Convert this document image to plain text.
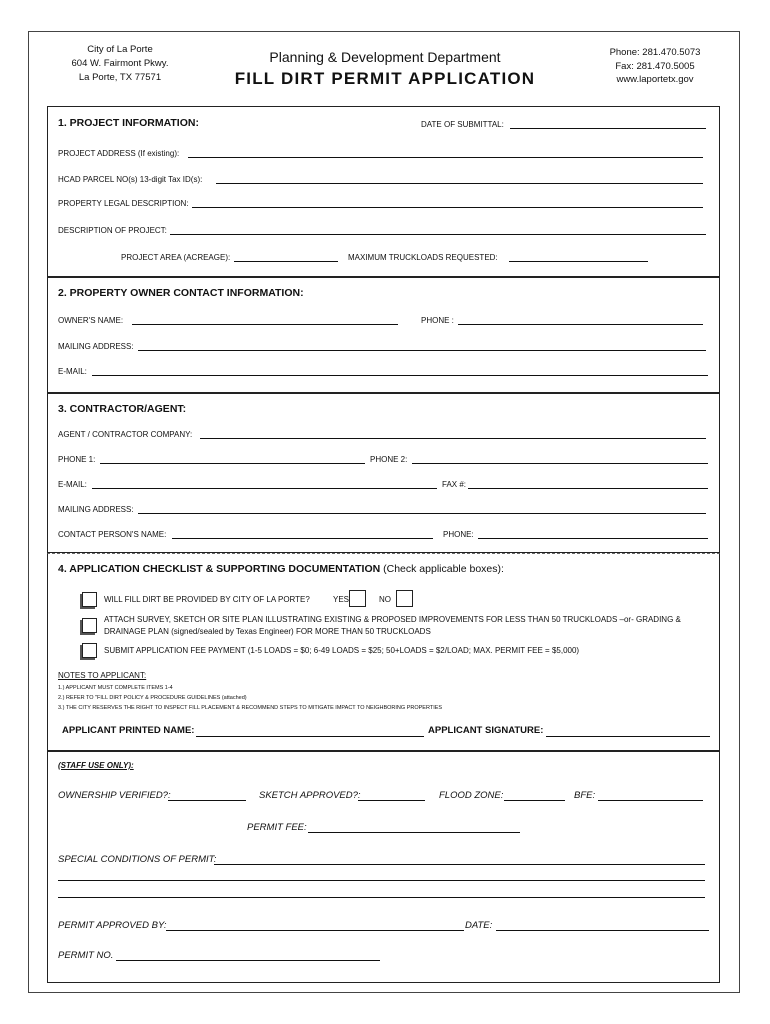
City of La Porte
604 W. Fairmont Pkwy.
La Porte, TX 77571
Planning & Development Department
FILL DIRT PERMIT APPLICATION
Phone: 281.470.5073
Fax: 281.470.5005
www.laportetx.gov
1. PROJECT INFORMATION:	DATE OF SUBMITTAL:
PROJECT ADDRESS (If existing):
HCAD PARCEL NO(s) 13-digit Tax ID(s):
PROPERTY LEGAL DESCRIPTION:
DESCRIPTION OF PROJECT:
PROJECT AREA (ACREAGE):	MAXIMUM TRUCKLOADS REQUESTED:
2. PROPERTY OWNER CONTACT INFORMATION:
OWNER'S NAME:	PHONE :
MAILING ADDRESS:
E-MAIL:
3. CONTRACTOR/AGENT:
AGENT / CONTRACTOR COMPANY:
PHONE 1:	PHONE 2:
E-MAIL:	FAX #:
MAILING ADDRESS:
CONTACT PERSON'S NAME:	PHONE:
4. APPLICATION CHECKLIST & SUPPORTING DOCUMENTATION (Check applicable boxes):
WILL FILL DIRT BE PROVIDED BY CITY OF LA PORTE?	YES	NO
ATTACH SURVEY, SKETCH OR SITE PLAN ILLUSTRATING EXISTING & PROPOSED IMPROVEMENTS FOR LESS THAN 50 TRUCKLOADS –or- GRADING &
DRAINAGE PLAN (signed/sealed by Texas Engineer) FOR MORE THAN 50 TRUCKLOADS
SUBMIT APPLICATION FEE PAYMENT (1-5 LOADS = $0; 6-49 LOADS = $25; 50+LOADS = $2/LOAD; MAX. PERMIT FEE = $5,000)
NOTES TO APPLICANT:
1.) APPLICANT MUST COMPLETE ITEMS 1-4
2.) REFER TO "FILL DIRT POLICY & PROCEDURE GUIDELINES (attached)
3.) THE CITY RESERVES THE RIGHT TO INSPECT FILL PLACEMENT & RECOMMEND STEPS TO MITIGATE IMPACT TO NEIGHBORING PROPERTIES
APPLICANT PRINTED NAME:	APPLICANT SIGNATURE:
(STAFF USE ONLY):
OWNERSHIP VERIFIED?:	SKETCH APPROVED?:	FLOOD ZONE:	BFE:
PERMIT FEE:
SPECIAL CONDITIONS OF PERMIT:
PERMIT APPROVED BY:	DATE:
PERMIT NO.
